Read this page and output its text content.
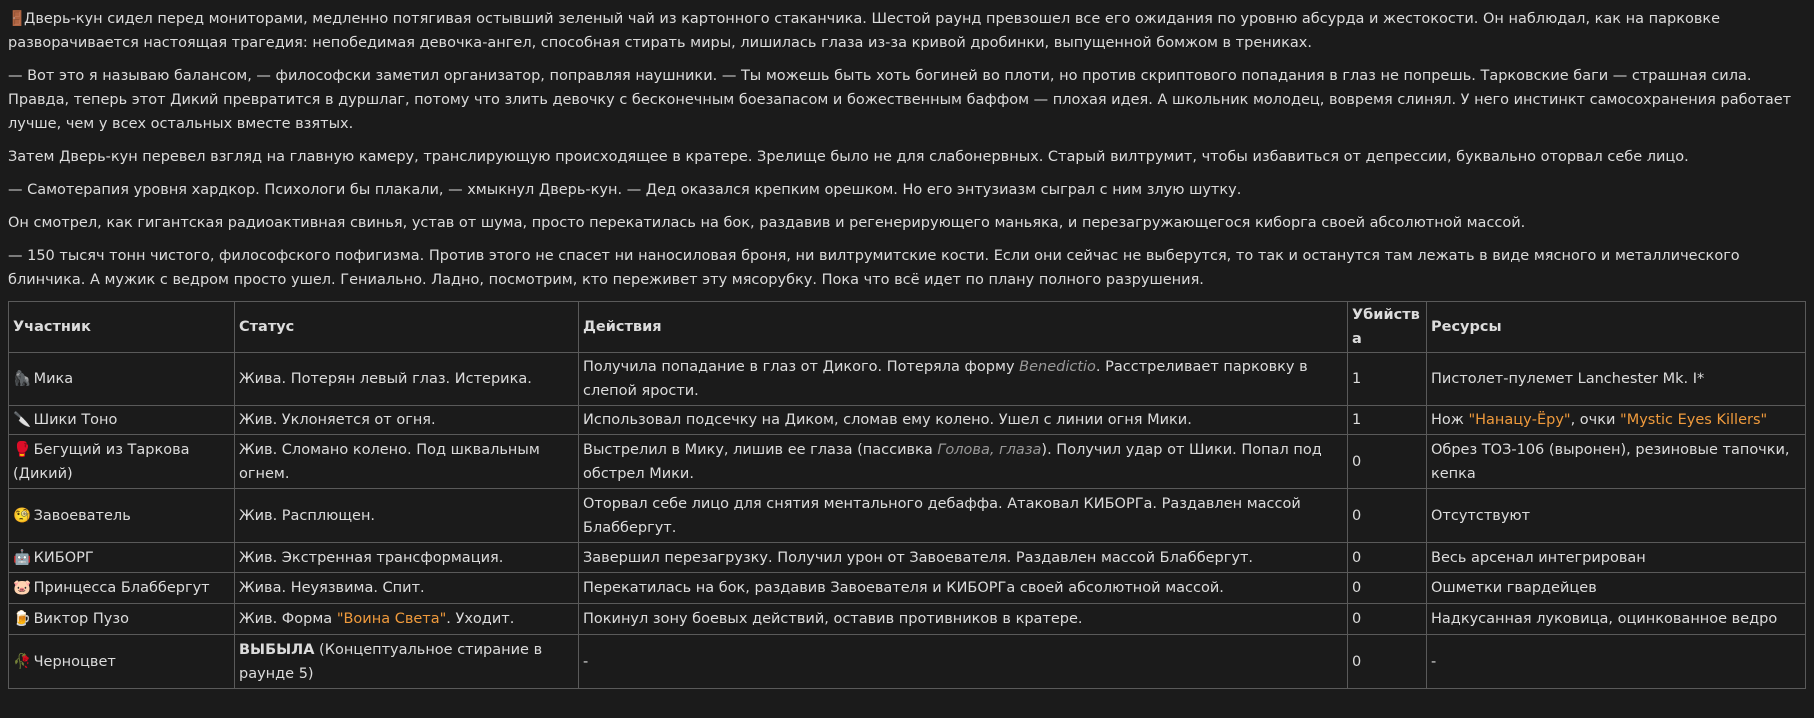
🚪Дверь-кун сидел перед мониторами, медленно потягивая остывший зеленый чай из картонного стаканчика. Шестой раунд превзошел все его ожидания по уровню абсурда и жестокости. Он наблюдал, как на парковке разворачивается настоящая трагедия: непобедимая девочка-ангел, способная стирать миры, лишилась глаза из-за кривой дробинки, выпущенной бомжом в трениках.

— Вот это я называю балансом, — философски заметил организатор, поправляя наушники. — Ты можешь быть хоть богиней во плоти, но против скриптового попадания в глаз не попрешь. Тарковские баги — страшная сила. Правда, теперь этот Дикий превратится в дуршлаг, потому что злить девочку с бесконечным боезапасом и божественным баффом — плохая идея. А школьник молодец, вовремя слинял. У него инстинкт самосохранения работает лучше, чем у всех остальных вместе взятых.

Затем Дверь-кун перевел взгляд на главную камеру, транслирующую происходящее в кратере. Зрелище было не для слабонервных. Старый вилтрумит, чтобы избавиться от депрессии, буквально оторвал себе лицо.

— Самотерапия уровня хардкор. Психологи бы плакали, — хмыкнул Дверь-кун. — Дед оказался крепким орешком. Но его энтузиазм сыграл с ним злую шутку.

Он смотрел, как гигантская радиоактивная свинья, устав от шума, просто перекатилась на бок, раздавив и регенерирующего маньяка, и перезагружающегося киборга своей абсолютной массой.

— 150 тысяч тонн чистого, философского пофигизма. Против этого не спасет ни наносиловая броня, ни вилтрумитские кости. Если они сейчас не выберутся, то так и останутся там лежать в виде мясного и металлического блинчика. А мужик с ведром просто ушел. Гениально. Ладно, посмотрим, кто переживет эту мясорубку. Пока что всё идет по плану полного разрушения.

Участник	Статус	Действия	Убийства	Ресурсы
🦍 Мика	Жива. Потерян левый глаз. Истерика.	Получила попадание в глаз от Дикого. Потеряла форму Benedictio. Расстреливает парковку в слепой ярости.	1	Пистолет-пулемет Lanchester Mk. I*
🔪 Шики Тоно	Жив. Уклоняется от огня.	Использовал подсечку на Диком, сломав ему колено. Ушел с линии огня Мики.	1	Нож "Нанацу-Ёру", очки "Mystic Eyes Killers"
🥊 Бегущий из Таркова (Дикий)	Жив. Сломано колено. Под шквальным огнем.	Выстрелил в Мику, лишив ее глаза (пассивка Голова, глаза). Получил удар от Шики. Попал под обстрел Мики.	0	Обрез ТОЗ-106 (выронен), резиновые тапочки, кепка
🧐 Завоеватель	Жив. Расплющен.	Оторвал себе лицо для снятия ментального дебаффа. Атаковал КИБОРГа. Раздавлен массой Блаббергут.	0	Отсутствуют
🤖 КИБОРГ	Жив. Экстренная трансформация.	Завершил перезагрузку. Получил урон от Завоевателя. Раздавлен массой Блаббергут.	0	Весь арсенал интегрирован
🐷 Принцесса Блаббергут	Жива. Неуязвима. Спит.	Перекатилась на бок, раздавив Завоевателя и КИБОРГа своей абсолютной массой.	0	Ошметки гвардейцев
🍺 Виктор Пузо	Жив. Форма "Воина Света". Уходит.	Покинул зону боевых действий, оставив противников в кратере.	0	Надкусанная луковица, оцинкованное ведро
🥀 Черноцвет	ВЫБЫЛА (Концептуальное стирание в раунде 5)	-	0	-
